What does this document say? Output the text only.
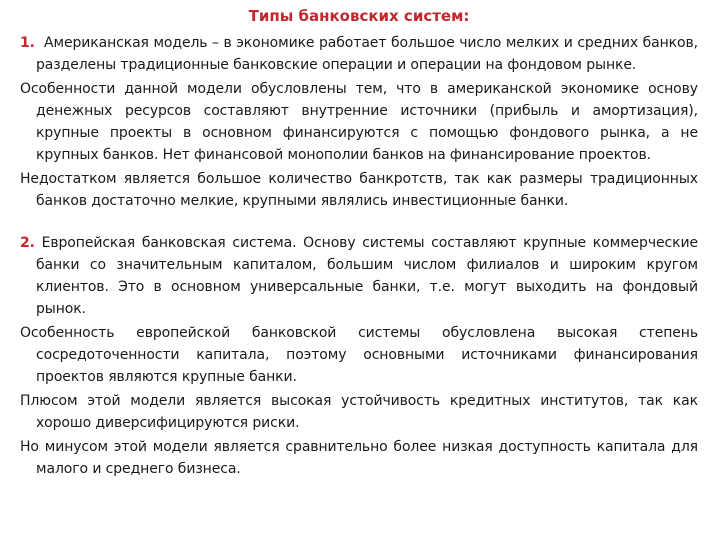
Типы банковских систем:
1. Американская модель – в экономике работает большое число мелких и средних банков, разделены традиционные банковские операции и операции на фондовом рынке.
Особенности данной модели обусловлены тем, что в американской экономике основу денежных ресурсов составляют внутренние источники (прибыль и амортизация), крупные проекты в основном финансируются с помощью фондового рынка, а не крупных банков. Нет финансовой монополии банков на финансирование проектов.
Недостатком является большое количество банкротств, так как размеры традиционных банков достаточно мелкие, крупными являлись инвестиционные банки.
2. Европейская банковская система. Основу системы составляют крупные коммерческие банки со значительным капиталом, большим числом филиалов и широким кругом клиентов. Это в основном универсальные банки, т.е. могут выходить на фондовый рынок.
Особенность европейской банковской системы обусловлена высокая степень сосредоточенности капитала, поэтому основными источниками финансирования проектов являются крупные банки.
Плюсом этой модели является высокая устойчивость кредитных институтов, так как хорошо диверсифицируются риски.
Но минусом этой модели является сравнительно более низкая доступность капитала для малого и среднего бизнеса.
